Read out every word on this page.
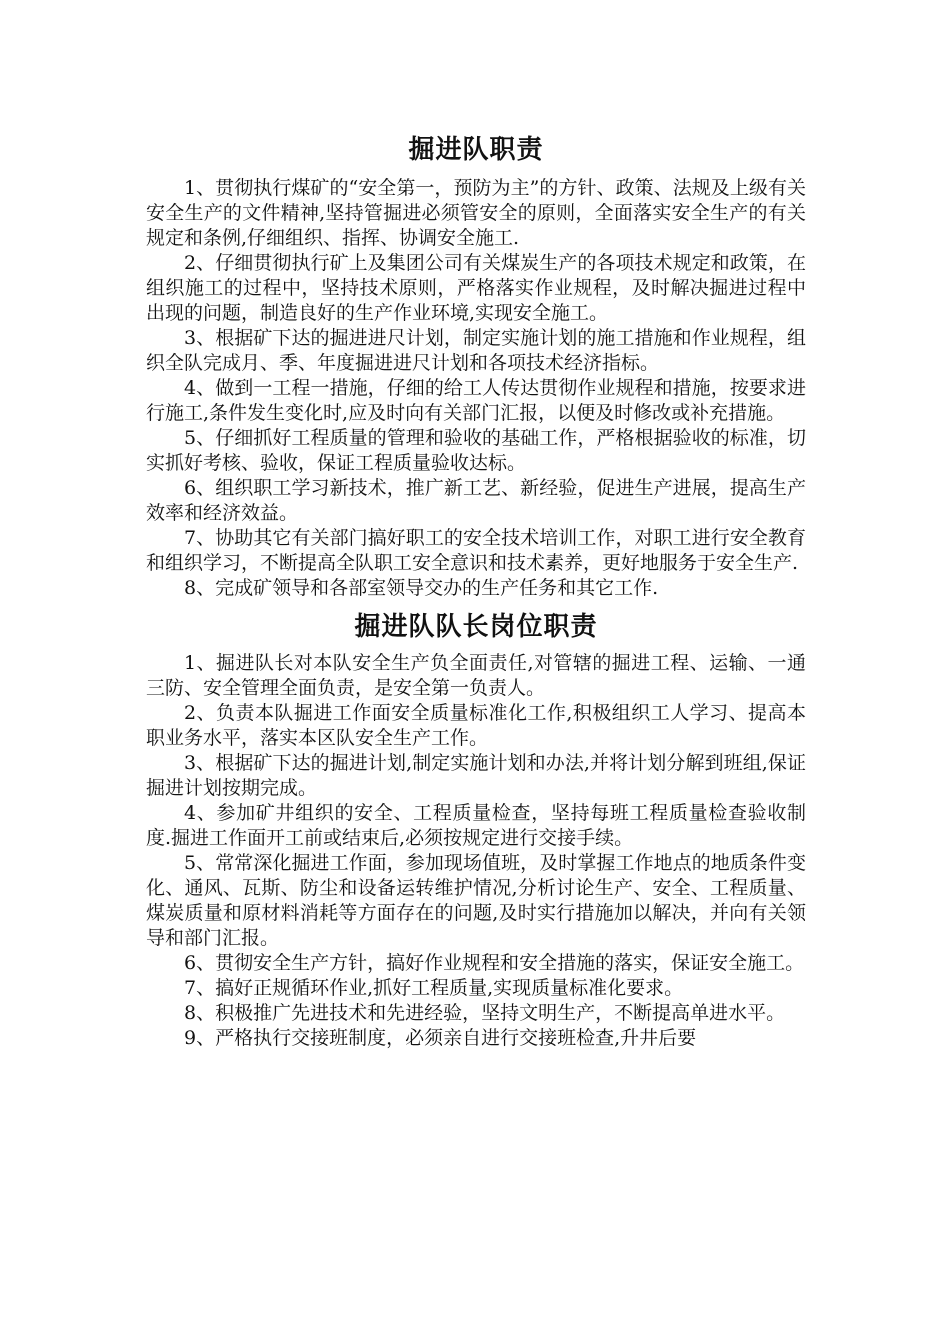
掘进队职责

1、贯彻执行煤矿的“安全第一，预防为主”的方针、政策、法规及上级有关安全生产的文件精神,坚持管掘进必须管安全的原则，全面落实安全生产的有关规定和条例,仔细组织、指挥、协调安全施工.

2、仔细贯彻执行矿上及集团公司有关煤炭生产的各项技术规定和政策，在组织施工的过程中，坚持技术原则，严格落实作业规程，及时解决掘进过程中出现的问题，制造良好的生产作业环境,实现安全施工。

3、根据矿下达的掘进进尺计划，制定实施计划的施工措施和作业规程，组织全队完成月、季、年度掘进进尺计划和各项技术经济指标。

4、做到一工程一措施，仔细的给工人传达贯彻作业规程和措施，按要求进行施工,条件发生变化时,应及时向有关部门汇报，以便及时修改或补充措施。

5、仔细抓好工程质量的管理和验收的基础工作，严格根据验收的标准，切实抓好考核、验收，保证工程质量验收达标。

6、组织职工学习新技术，推广新工艺、新经验，促进生产进展，提高生产效率和经济效益。

7、协助其它有关部门搞好职工的安全技术培训工作，对职工进行安全教育和组织学习，不断提高全队职工安全意识和技术素养，更好地服务于安全生产.

8、完成矿领导和各部室领导交办的生产任务和其它工作.

掘进队队长岗位职责

1、掘进队长对本队安全生产负全面责任,对管辖的掘进工程、运输、一通三防、安全管理全面负责，是安全第一负责人。

2、负责本队掘进工作面安全质量标准化工作,积极组织工人学习、提高本职业务水平，落实本区队安全生产工作。

3、根据矿下达的掘进计划,制定实施计划和办法,并将计划分解到班组,保证掘进计划按期完成。

4、参加矿井组织的安全、工程质量检查，坚持每班工程质量检查验收制度.掘进工作面开工前或结束后,必须按规定进行交接手续。

5、常常深化掘进工作面，参加现场值班，及时掌握工作地点的地质条件变化、通风、瓦斯、防尘和设备运转维护情况,分析讨论生产、安全、工程质量、煤炭质量和原材料消耗等方面存在的问题,及时实行措施加以解决，并向有关领导和部门汇报。

6、贯彻安全生产方针，搞好作业规程和安全措施的落实，保证安全施工。

7、搞好正规循环作业,抓好工程质量,实现质量标准化要求。

8、积极推广先进技术和先进经验，坚持文明生产，不断提高单进水平。

9、严格执行交接班制度，必须亲自进行交接班检查,升井后要
